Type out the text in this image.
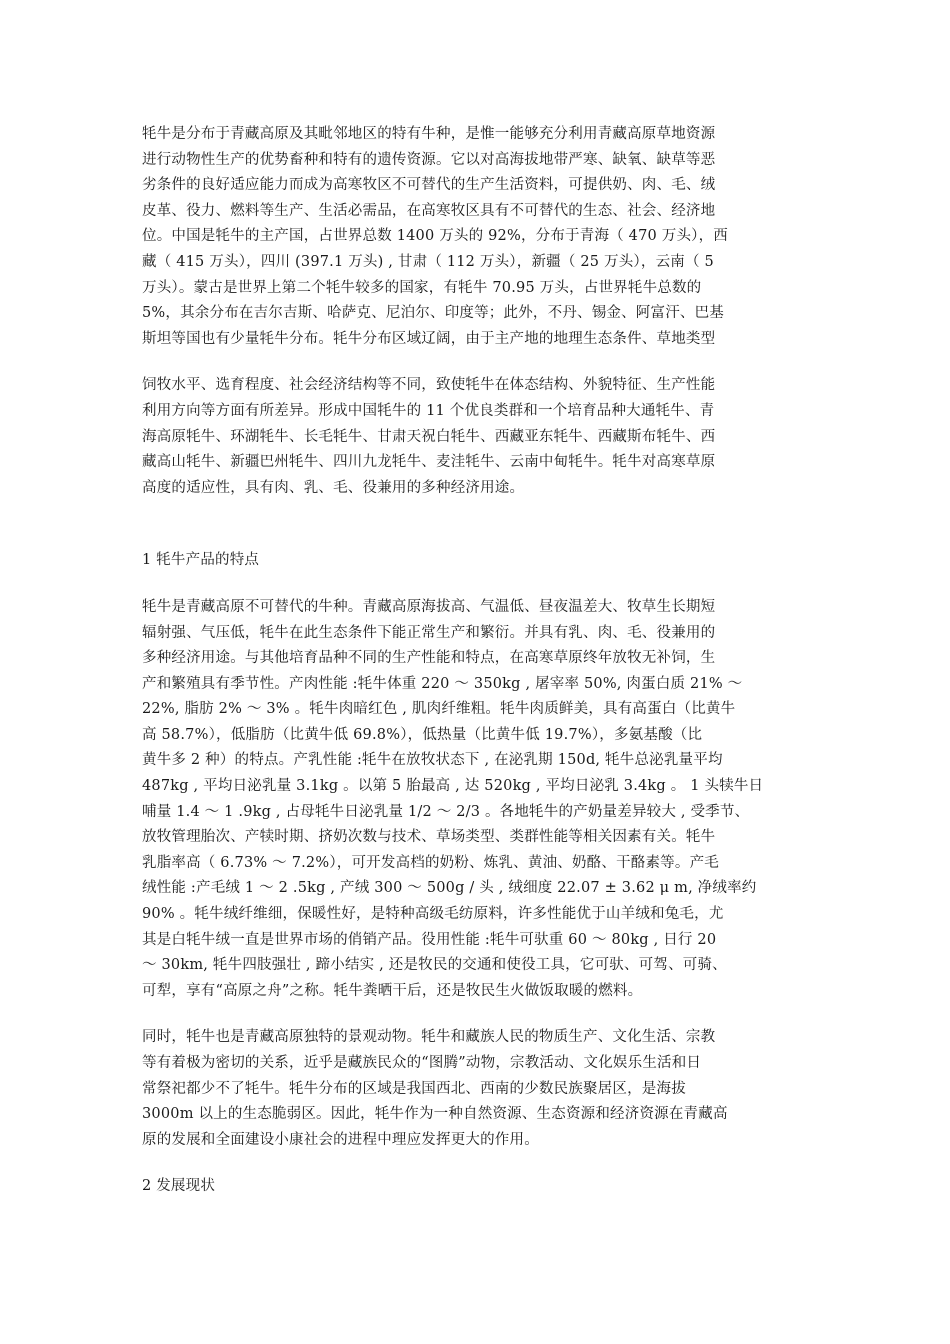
牦牛是分布于青藏高原及其毗邻地区的特有牛种，是惟一能够充分利用青藏高原草地资源
进行动物性生产的优势畜种和特有的遗传资源。它以对高海拔地带严寒、缺氧、缺草等恶
劣条件的良好适应能力而成为高寒牧区不可替代的生产生活资料，可提供奶、肉、毛、绒
皮革、役力、燃料等生产、生活必需品，在高寒牧区具有不可替代的生态、社会、经济地
位。中国是牦牛的主产国，占世界总数 1400 万头的 92%，分布于青海（ 470 万头），西
藏（ 415 万头），四川 (397.1 万头) , 甘肃（ 112 万头），新疆（ 25 万头），云南（ 5
万头）。蒙古是世界上第二个牦牛较多的国家，有牦牛 70.95 万头，占世界牦牛总数的
5%，其余分布在吉尔吉斯、哈萨克、尼泊尔、印度等；此外，不丹、锡金、阿富汗、巴基
斯坦等国也有少量牦牛分布。牦牛分布区域辽阔，由于主产地的地理生态条件、草地类型
饲牧水平、选育程度、社会经济结构等不同，致使牦牛在体态结构、外貌特征、生产性能
利用方向等方面有所差异。形成中国牦牛的 11 个优良类群和一个培育品种大通牦牛、青
海高原牦牛、环湖牦牛、长毛牦牛、甘肃天祝白牦牛、西藏亚东牦牛、西藏斯布牦牛、西
藏高山牦牛、新疆巴州牦牛、四川九龙牦牛、麦洼牦牛、云南中甸牦牛。牦牛对高寒草原
高度的适应性，具有肉、乳、毛、役兼用的多种经济用途。
1 牦牛产品的特点
牦牛是青藏高原不可替代的牛种。青藏高原海拔高、气温低、昼夜温差大、牧草生长期短
辐射强、气压低，牦牛在此生态条件下能正常生产和繁衍。并具有乳、肉、毛、役兼用的
多种经济用途。与其他培育品种不同的生产性能和特点，在高寒草原终年放牧无补饲，生
产和繁殖具有季节性。产肉性能 :牦牛体重 220 ～ 350kg , 屠宰率 50%, 肉蛋白质 21% ～
22%, 脂肪 2% ～ 3% 。牦牛肉暗红色 , 肌肉纤维粗。牦牛肉质鲜美，具有高蛋白（比黄牛
高 58.7%），低脂肪（比黄牛低 69.8%），低热量（比黄牛低 19.7%），多氨基酸（比
黄牛多 2 种）的特点。产乳性能 :牦牛在放牧状态下 , 在泌乳期 150d, 牦牛总泌乳量平均
487kg , 平均日泌乳量 3.1kg 。以第 5 胎最高 , 达 520kg , 平均日泌乳 3.4kg 。 1 头犊牛日
哺量 1.4 ～ 1 .9kg , 占母牦牛日泌乳量 1/2 ～ 2/3 。各地牦牛的产奶量差异较大 , 受季节、
放牧管理胎次、产犊时期、挤奶次数与技术、草场类型、类群性能等相关因素有关。牦牛
乳脂率高（ 6.73% ～ 7.2%），可开发高档的奶粉、炼乳、黄油、奶酪、干酪素等。产毛
绒性能 :产毛绒 1 ～ 2 .5kg , 产绒 300 ～ 500g / 头 , 绒细度 22.07 ± 3.62 μ m, 净绒率约
90% 。牦牛绒纤维细，保暖性好，是特种高级毛纺原料，许多性能优于山羊绒和兔毛，尤
其是白牦牛绒一直是世界市场的俏销产品。役用性能 :牦牛可驮重 60 ～ 80kg , 日行 20
～ 30km, 牦牛四肢强壮 , 蹄小结实 , 还是牧民的交通和使役工具，它可驮、可驾、可骑、
可犁，享有“高原之舟”之称。牦牛粪晒干后，还是牧民生火做饭取暖的燃料。
同时，牦牛也是青藏高原独特的景观动物。牦牛和藏族人民的物质生产、文化生活、宗教
等有着极为密切的关系，近乎是藏族民众的“图腾”动物，宗教活动、文化娱乐生活和日
常祭祀都少不了牦牛。牦牛分布的区域是我国西北、西南的少数民族聚居区，是海拔
3000m 以上的生态脆弱区。因此，牦牛作为一种自然资源、生态资源和经济资源在青藏高
原的发展和全面建设小康社会的进程中理应发挥更大的作用。
2 发展现状
